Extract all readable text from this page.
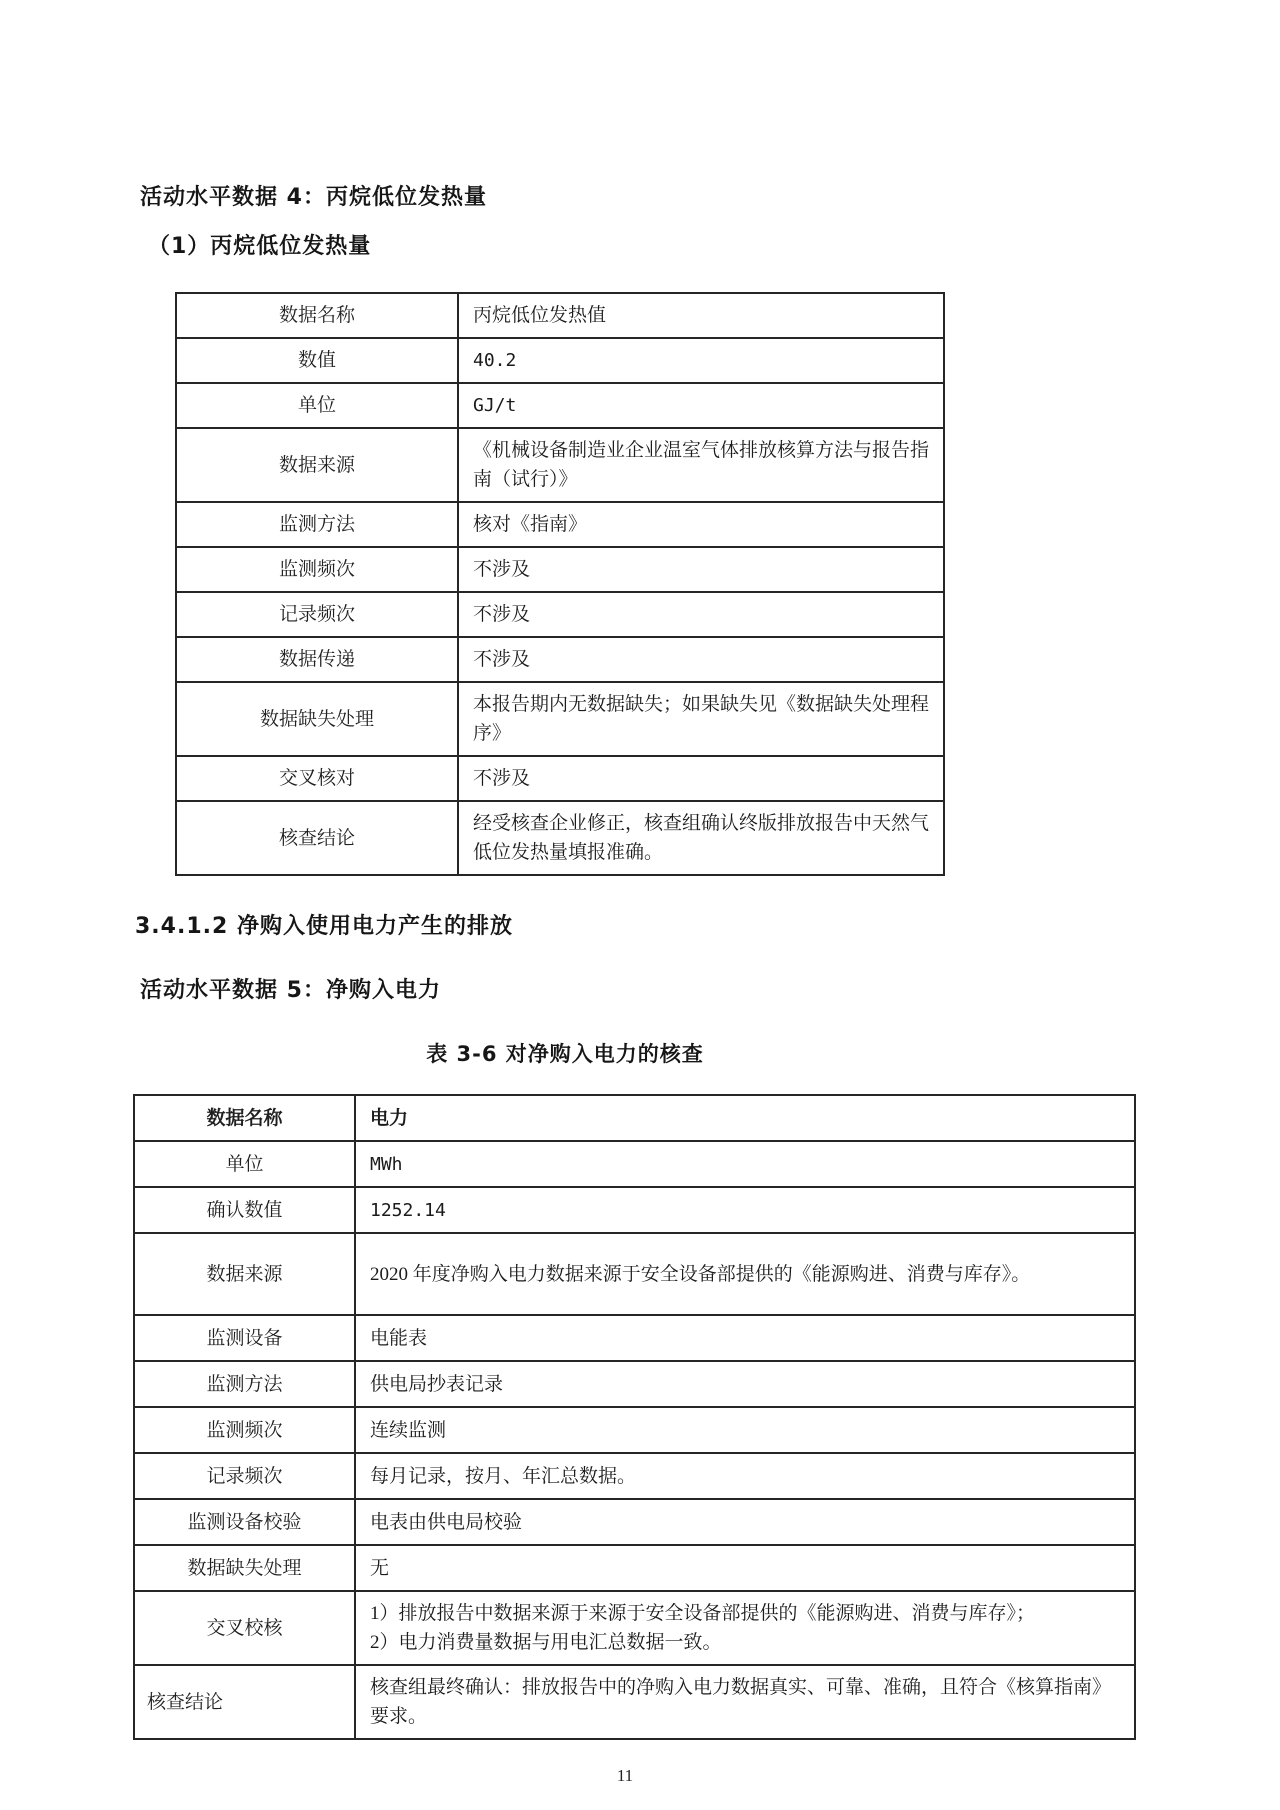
活动水平数据 4：丙烷低位发热量
（1）丙烷低位发热量
数据名称	丙烷低位发热值
数值	40.2
单位	GJ/t
数据来源	《机械设备制造业企业温室气体排放核算方法与报告指南（试行）》
监测方法	核对《指南》
监测频次	不涉及
记录频次	不涉及
数据传递	不涉及
数据缺失处理	本报告期内无数据缺失；如果缺失见《数据缺失处理程序》
交叉核对	不涉及
核查结论	经受核查企业修正，核查组确认终版排放报告中天然气低位发热量填报准确。
3.4.1.2 净购入使用电力产生的排放
活动水平数据 5：净购入电力
表 3-6 对净购入电力的核查
数据名称	电力
单位	MWh
确认数值	1252.14
数据来源	2020 年度净购入电力数据来源于安全设备部提供的《能源购进、消费与库存》。
监测设备	电能表
监测方法	供电局抄表记录
监测频次	连续监测
记录频次	每月记录，按月、年汇总数据。
监测设备校验	电表由供电局校验
数据缺失处理	无
交叉校核	1）排放报告中数据来源于来源于安全设备部提供的《能源购进、消费与库存》；
2）电力消费量数据与用电汇总数据一致。

核查结论	核查组最终确认：排放报告中的净购入电力数据真实、可靠、准确，且符合《核算指南》要求。
11
